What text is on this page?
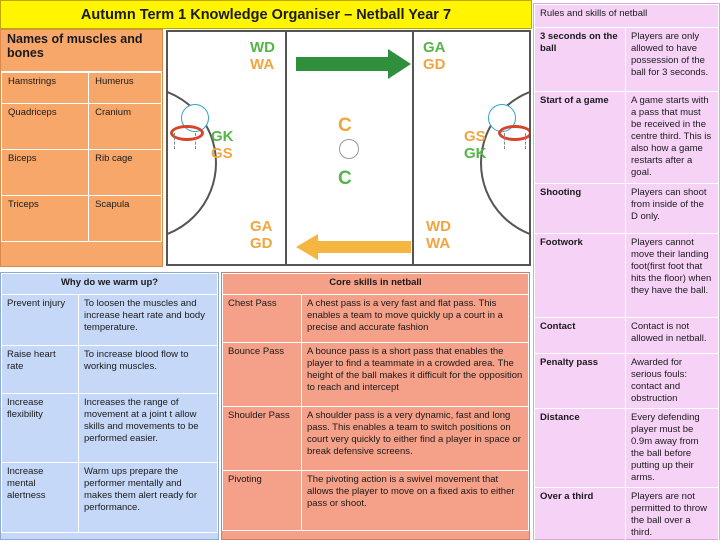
Autumn Term 1 Knowledge Organiser – Netball Year 7
Names of muscles and bones
Hamstrings	Humerus
Quadriceps	Cranium
Biceps	Rib cage
Triceps	Scapula
WD
WA
GA
GD
Greens Shoot this way
GK
GS
C
C
GS
GK
GA
GD
WD
WA
Oranges Shoot this way
Why do we warm up?	
Prevent injury	To loosen the muscles and increase heart rate and body temperature.
Raise heart rate	To increase blood flow to working muscles.
Increase flexibility	Increases the range of movement at a joint t allow skills and movements to be performed easier.
Increase mental alertness	Warm ups prepare the performer mentally and makes them alert ready for performance.
Core skills in netball	
Chest Pass	A chest pass is a very fast and flat pass. This enables a team to move quickly up a court in a precise and accurate fashion
Bounce Pass	A bounce pass is a short pass that enables the player to find a teammate in a crowded area. The height of the ball makes it difficult for the opposition to reach and intercept
Shoulder Pass	A shoulder pass is a very dynamic, fast and long pass. This enables a team to switch positions on court very quickly to either find a player in space or break defensive screens.
Pivoting	The pivoting action is a swivel movement that allows the player to move on a fixed axis to either pass or shoot.
Rules and skills of netball	
3 seconds on the ball	Players are only allowed to have possession of the ball for 3 seconds.
Start of a game	A game starts with a pass that must be received in the centre third. This is also how a game restarts after a goal.
Shooting	Players can shoot from inside of the D only.
Footwork	Players cannot move their landing foot(first foot that hits the floor) when they have the ball.
Contact	Contact is not allowed in netball.
Penalty pass	Awarded for serious fouls: contact and obstruction
Distance	Every defending player must be 0.9m away from the ball before putting up their arms.
Over a third	Players are not permitted to throw the ball over a third.
